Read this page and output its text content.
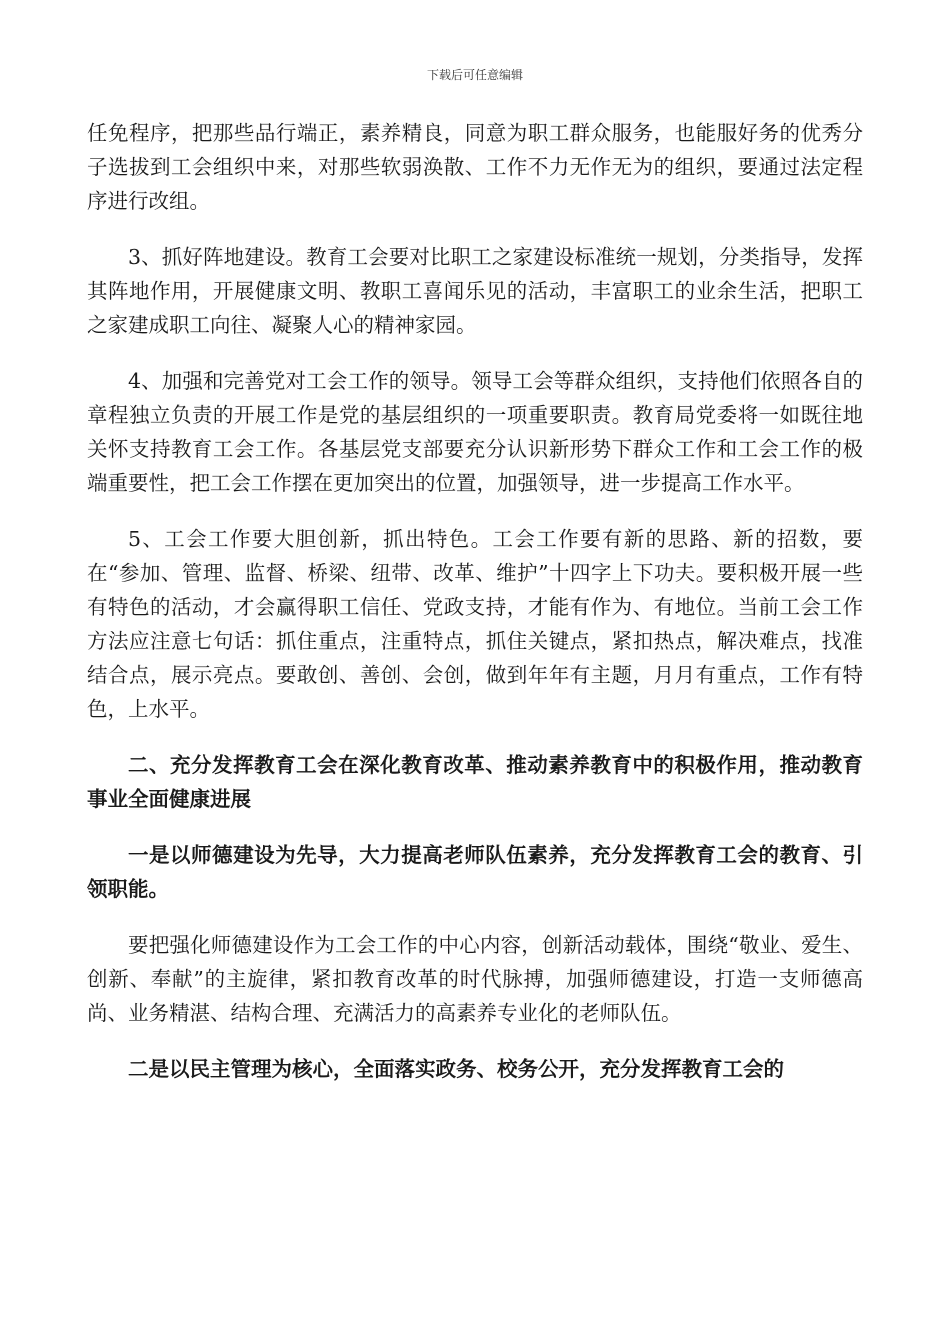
下载后可任意编辑

任免程序，把那些品行端正，素养精良，同意为职工群众服务，也能服好务的优秀分子选拔到工会组织中来，对那些软弱涣散、工作不力无作无为的组织，要通过法定程序进行改组。

3、抓好阵地建设。教育工会要对比职工之家建设标准统一规划，分类指导，发挥其阵地作用，开展健康文明、教职工喜闻乐见的活动，丰富职工的业余生活，把职工之家建成职工向往、凝聚人心的精神家园。

4、加强和完善党对工会工作的领导。领导工会等群众组织，支持他们依照各自的章程独立负责的开展工作是党的基层组织的一项重要职责。教育局党委将一如既往地关怀支持教育工会工作。各基层党支部要充分认识新形势下群众工作和工会工作的极端重要性，把工会工作摆在更加突出的位置，加强领导，进一步提高工作水平。

5、工会工作要大胆创新，抓出特色。工会工作要有新的思路、新的招数，要在“参加、管理、监督、桥梁、纽带、改革、维护”十四字上下功夫。要积极开展一些有特色的活动，才会赢得职工信任、党政支持，才能有作为、有地位。当前工会工作方法应注意七句话：抓住重点，注重特点，抓住关键点，紧扣热点，解决难点，找准结合点，展示亮点。要敢创、善创、会创，做到年年有主题，月月有重点，工作有特色，上水平。

二、充分发挥教育工会在深化教育改革、推动素养教育中的积极作用，推动教育事业全面健康进展

一是以师德建设为先导，大力提高老师队伍素养，充分发挥教育工会的教育、引领职能。

要把强化师德建设作为工会工作的中心内容，创新活动载体，围绕“敬业、爱生、创新、奉献”的主旋律，紧扣教育改革的时代脉搏，加强师德建设，打造一支师德高尚、业务精湛、结构合理、充满活力的高素养专业化的老师队伍。

二是以民主管理为核心，全面落实政务、校务公开，充分发挥教育工会的
